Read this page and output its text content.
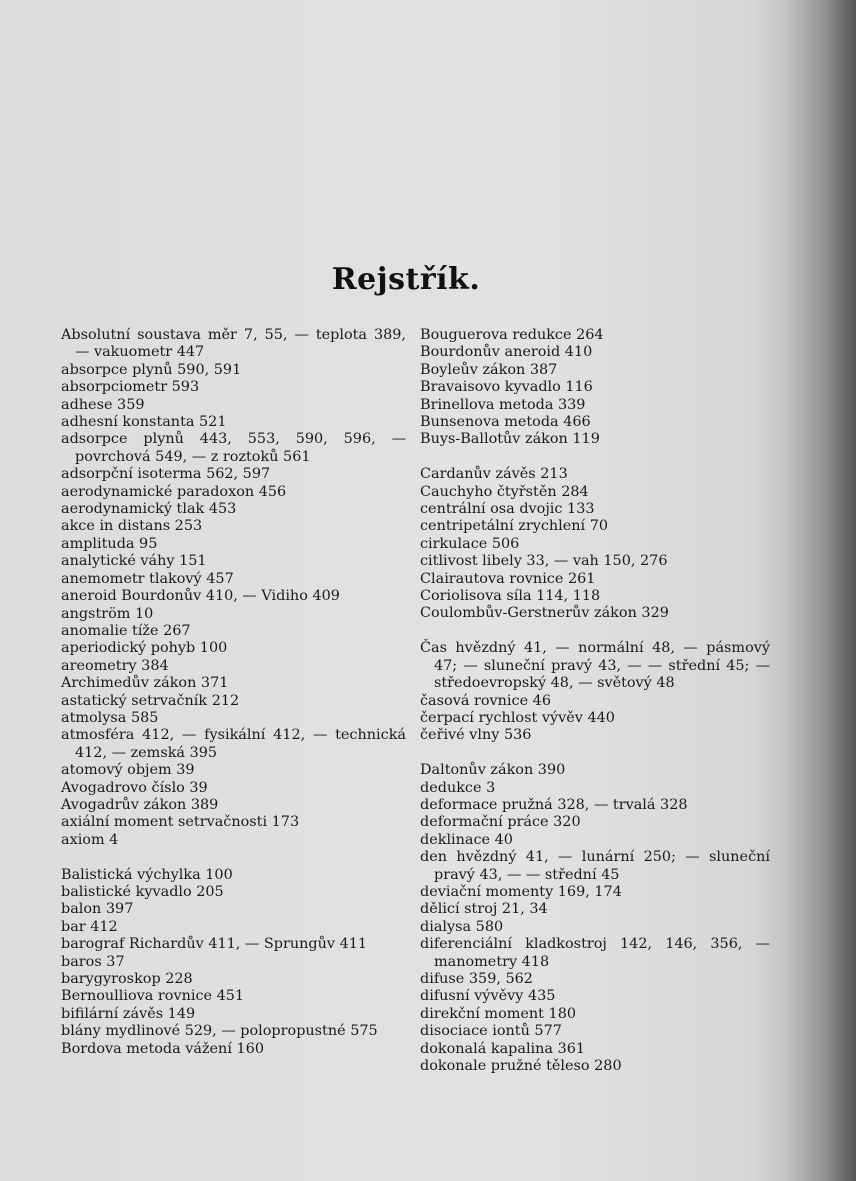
Rejstřík.

Absolutní soustava měr 7, 55, — teplota 389, — vakuometr 447

absorpce plynů 590, 591

absorpciometr 593

adhese 359

adhesní konstanta 521

adsorpce plynů 443, 553, 590, 596, — povrchová 549, — z roztoků 561

adsorpční isoterma 562, 597

aerodynamické paradoxon 456

aerodynamický tlak 453

akce in distans 253

amplituda 95

analytické váhy 151

anemometr tlakový 457

aneroid Bourdonův 410, — Vidiho 409

angström 10

anomalie tíže 267

aperiodický pohyb 100

areometry 384

Archimedův zákon 371

astatický setrvačník 212

atmolysa 585

atmosféra 412, — fysikální 412, — technická 412, — zemská 395

atomový objem 39

Avogadrovo číslo 39

Avogadrův zákon 389

axiální moment setrvačnosti 173

axiom 4

Balistická výchylka 100

balistické kyvadlo 205

balon 397

bar 412

barograf Richardův 411, — Sprungův 411

baros 37

barygyroskop 228

Bernoulliova rovnice 451

bifilární závěs 149

blány mydlinové 529, — polopropustné 575

Bordova metoda vážení 160

Bouguerova redukce 264

Bourdonův aneroid 410

Boyleův zákon 387

Bravaisovo kyvadlo 116

Brinellova metoda 339

Bunsenova metoda 466

Buys-Ballotův zákon 119

Cardanův závěs 213

Cauchyho čtyřstěn 284

centrální osa dvojic 133

centripetální zrychlení 70

cirkulace 506

citlivost libely 33, — vah 150, 276

Clairautova rovnice 261

Coriolisova síla 114, 118

Coulombův-Gerstnerův zákon 329

Čas hvězdný 41, — normální 48, — pásmový 47; — sluneční pravý 43, — — střední 45; — středoevropský 48, — světový 48

časová rovnice 46

čerpací rychlost vývěv 440

čeřivé vlny 536

Daltonův zákon 390

dedukce 3

deformace pružná 328, — trvalá 328

deformační práce 320

deklinace 40

den hvězdný 41, — lunární 250; — sluneční pravý 43, — — střední 45

deviační momenty 169, 174

dělicí stroj 21, 34

dialysa 580

diferenciální kladkostroj 142, 146, 356, — manometry 418

difuse 359, 562

difusní vývěvy 435

direkční moment 180

disociace iontů 577

dokonalá kapalina 361

dokonale pružné těleso 280
